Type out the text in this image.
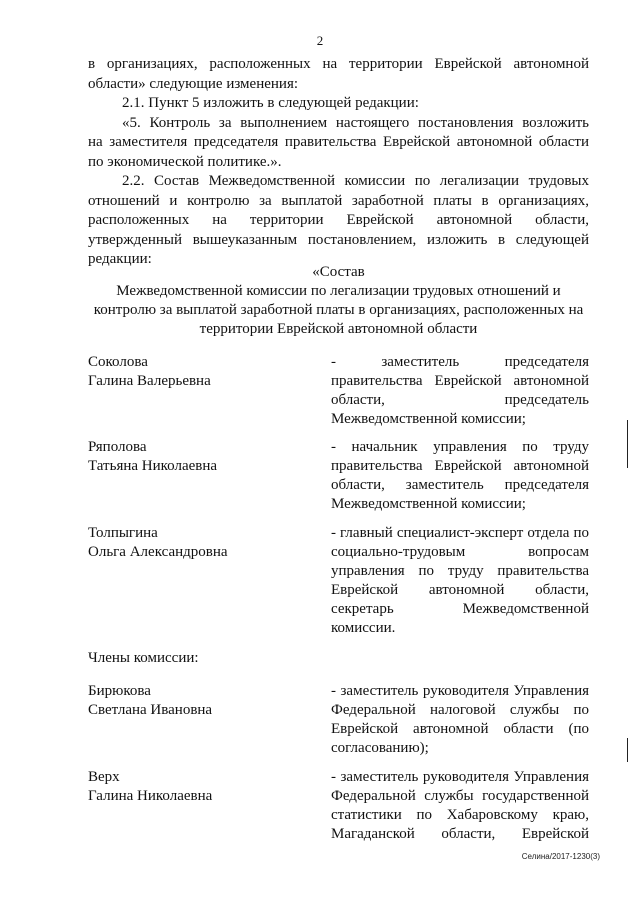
2
в организациях, расположенных на территории Еврейской автономной
области» следующие изменения:
2.1. Пункт 5 изложить в следующей редакции:
«5. Контроль за выполнением настоящего постановления возложить
на заместителя председателя правительства Еврейской автономной области
по экономической политике.».
2.2. Состав Межведомственной комиссии по легализации трудовых
отношений и контролю за выплатой заработной платы в организациях,
расположенных на территории Еврейской автономной области,
утвержденный вышеуказанным постановлением, изложить в следующей
редакции:
«Состав
Межведомственной комиссии по легализации трудовых отношений и
контролю за выплатой заработной платы в организациях, расположенных на
территории Еврейской автономной области
Соколова
Галина Валерьевна
- заместитель председателя
правительства Еврейской автономной
области, председатель
Межведомственной комиссии;
Ряполова
Татьяна Николаевна
- начальник управления по труду
правительства Еврейской автономной
области, заместитель председателя
Межведомственной комиссии;
Толпыгина
Ольга Александровна
- главный специалист-эксперт отдела по
социально-трудовым вопросам
управления по труду правительства
Еврейской автономной области,
секретарь Межведомственной
комиссии.
Члены комиссии:
Бирюкова
Светлана Ивановна
- заместитель руководителя Управления
Федеральной налоговой службы по
Еврейской автономной области (по
согласованию);
Верх
Галина Николаевна
- заместитель руководителя Управления
Федеральной службы государственной
статистики по Хабаровскому краю,
Магаданской области, Еврейской
Селина/2017-1230(3)
